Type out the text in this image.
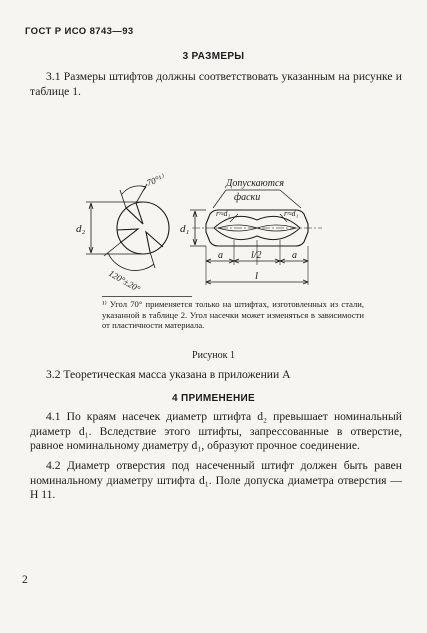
ГОСТ Р ИСО 8743—93
3 РАЗМЕРЫ
3.1 Размеры штифтов должны соответствовать указанным на рисунке и таблице 1.
70°¹⁾
120°±20°
d₂	d₁
Допускаются
фаски
r≈d₁	r≈d₁
a	l/2	a
l
¹⁾ Угол 70° применяется только на штифтах, изготовленных из стали, указанной в таблице 2. Угол насечки может изменяться в зависимости от пластичности материала.
Рисунок 1
3.2 Теоретическая масса указана в приложении А
4 ПРИМЕНЕНИЕ
4.1 По краям насечек диаметр штифта d₂ превышает номинальный диаметр d₁. Вследствие этого штифты, запрессованные в отверстие, равное номинальному диаметру d₁, образуют прочное соединение.
4.2 Диаметр отверстия под насеченный штифт должен быть равен номинальному диаметру штифта d₁. Поле допуска диаметра отверстия — Н 11.
2
